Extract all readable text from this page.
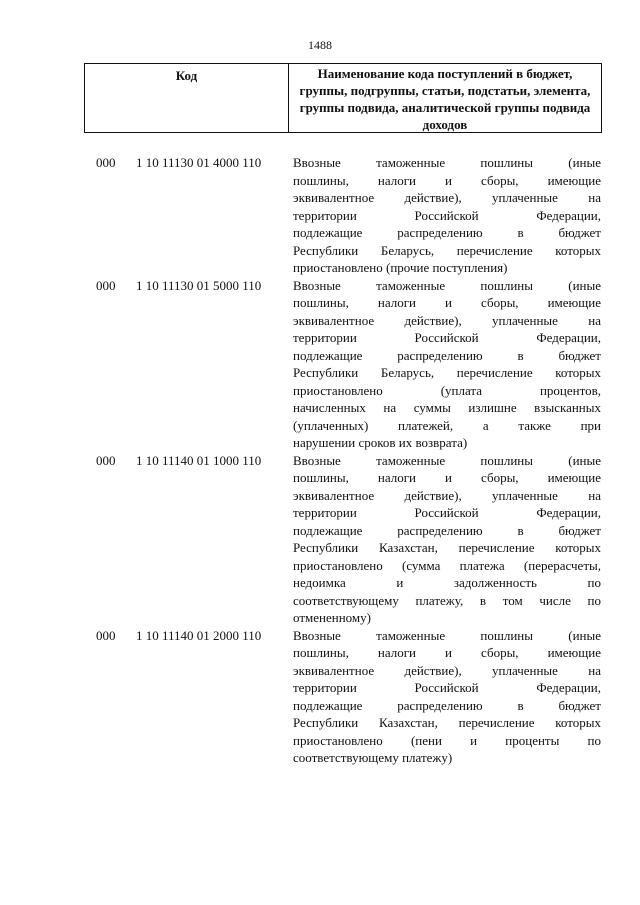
1488
Код	Наименование кода поступлений в бюджет, группы, подгруппы, статьи, подстатьи, элемента, группы подвида, аналитической группы подвида доходов
000 1 10 11130 01 4000 110 Ввозные таможенные пошлины (иные
пошлины, налоги и сборы, имеющие
эквивалентное действие), уплаченные на
территории Российской Федерации,
подлежащие распределению в бюджет
Республики Беларусь, перечисление которых
приостановлено (прочие поступления)
000 1 10 11130 01 5000 110 Ввозные таможенные пошлины (иные
пошлины, налоги и сборы, имеющие
эквивалентное действие), уплаченные на
территории Российской Федерации,
подлежащие распределению в бюджет
Республики Беларусь, перечисление которых
приостановлено (уплата процентов,
начисленных на суммы излишне взысканных
(уплаченных) платежей, а также при
нарушении сроков их возврата)
000 1 10 11140 01 1000 110 Ввозные таможенные пошлины (иные
пошлины, налоги и сборы, имеющие
эквивалентное действие), уплаченные на
территории Российской Федерации,
подлежащие распределению в бюджет
Республики Казахстан, перечисление которых
приостановлено (сумма платежа (перерасчеты,
недоимка и задолженность по
соответствующему платежу, в том числе по
отмененному)
000 1 10 11140 01 2000 110 Ввозные таможенные пошлины (иные
пошлины, налоги и сборы, имеющие
эквивалентное действие), уплаченные на
территории Российской Федерации,
подлежащие распределению в бюджет
Республики Казахстан, перечисление которых
приостановлено (пени и проценты по
соответствующему платежу)
